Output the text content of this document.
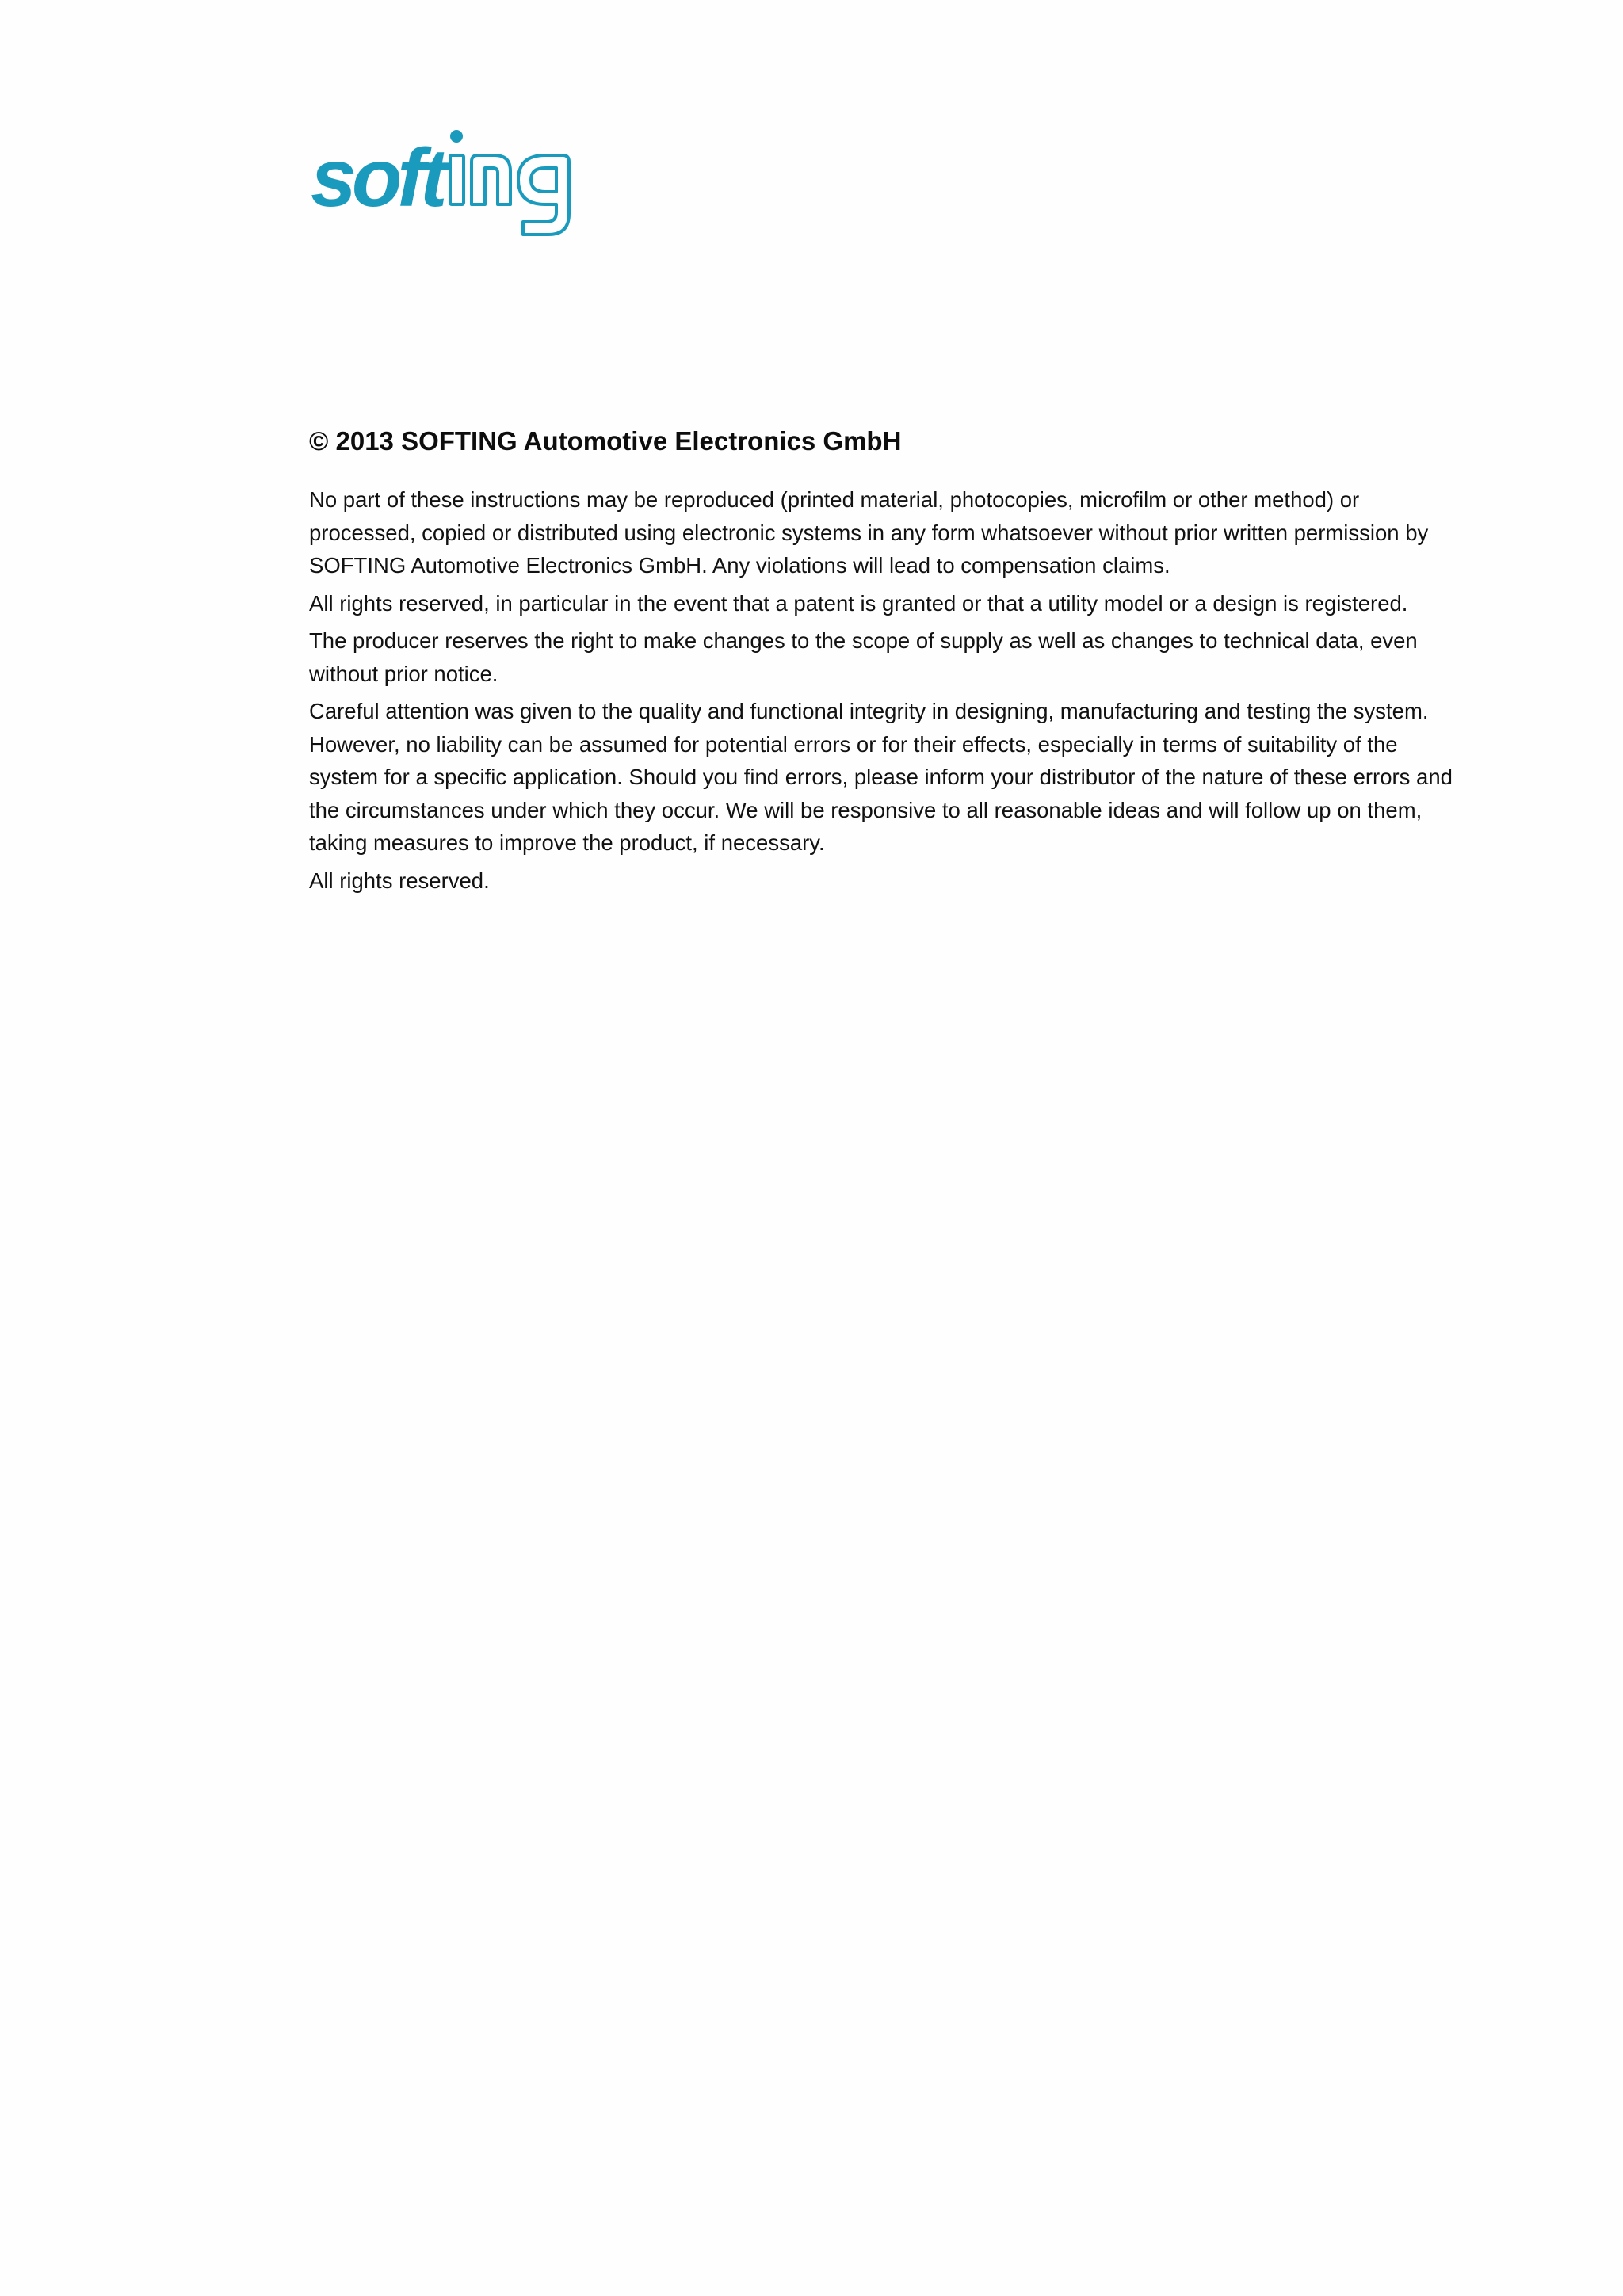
soft
© 2013 SOFTING Automotive Electronics GmbH

No part of these instructions may be reproduced (printed material, photocopies, microfilm or other method) or processed, copied or distributed using electronic systems in any form whatsoever without prior written permission by SOFTING Automotive Electronics GmbH. Any violations will lead to compensation claims.

All rights reserved, in particular in the event that a patent is granted or that a utility model or a design is registered.

The producer reserves the right to make changes to the scope of supply as well as changes to technical data, even without prior notice.

Careful attention was given to the quality and functional integrity in designing, manufacturing and testing the system. However, no liability can be assumed for potential errors or for their effects, especially in terms of suitability of the system for a specific application. Should you find errors, please inform your distributor of the nature of these errors and the circumstances under which they occur. We will be responsive to all reasonable ideas and will follow up on them, taking measures to improve the product, if necessary.

All rights reserved.
